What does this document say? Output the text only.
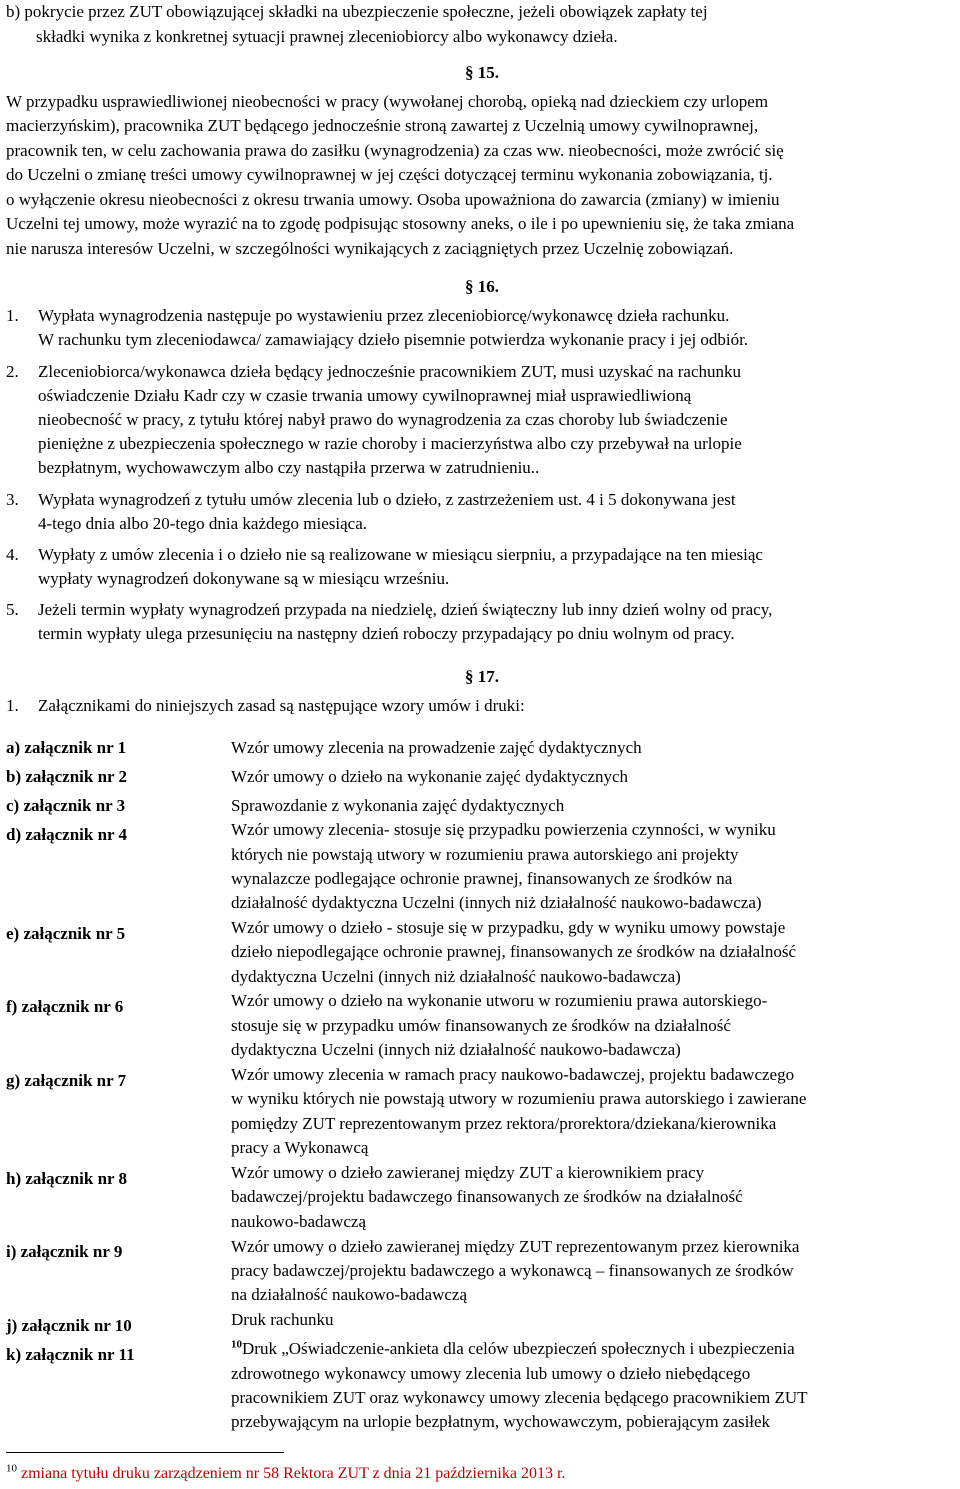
b) pokrycie przez ZUT obowiązującej składki na ubezpieczenie społeczne, jeżeli obowiązek zapłaty tej
składki wynika z konkretnej sytuacji prawnej zleceniobiorcy albo wykonawcy dzieła.
§ 15.
W przypadku usprawiedliwionej nieobecności w pracy (wywołanej chorobą, opieką nad dzieckiem czy urlopem
macierzyńskim), pracownika ZUT będącego jednocześnie stroną zawartej z Uczelnią umowy cywilnoprawnej,
pracownik ten, w celu zachowania prawa do zasiłku (wynagrodzenia) za czas ww. nieobecności, może zwrócić się
do Uczelni o zmianę treści umowy cywilnoprawnej w jej części dotyczącej terminu wykonania zobowiązania, tj.
o wyłączenie okresu nieobecności z okresu trwania umowy. Osoba upoważniona do zawarcia (zmiany) w imieniu
Uczelni tej umowy, może wyrazić na to zgodę podpisując stosowny aneks, o ile i po upewnieniu się, że taka zmiana
nie narusza interesów Uczelni, w szczególności wynikających z zaciągniętych przez Uczelnię zobowiązań.
§ 16.
1. Wypłata wynagrodzenia następuje po wystawieniu przez zleceniobiorcę/wykonawcę dzieła rachunku.
W rachunku tym zleceniodawca/ zamawiający dzieło pisemnie potwierdza wykonanie pracy i jej odbiór.
2. Zleceniobiorca/wykonawca dzieła będący jednocześnie pracownikiem ZUT, musi uzyskać na rachunku
oświadczenie Działu Kadr czy w czasie trwania umowy cywilnoprawnej miał usprawiedliwioną
nieobecność w pracy, z tytułu której nabył prawo do wynagrodzenia za czas choroby lub świadczenie
pieniężne z ubezpieczenia społecznego w razie choroby i macierzyństwa albo czy przebywał na urlopie
bezpłatnym, wychowawczym albo czy nastąpiła przerwa w zatrudnieniu..
3. Wypłata wynagrodzeń z tytułu umów zlecenia lub o dzieło, z zastrzeżeniem ust. 4 i 5 dokonywana jest
4-tego dnia albo 20-tego dnia każdego miesiąca.
4. Wypłaty z umów zlecenia i o dzieło nie są realizowane w miesiącu sierpniu, a przypadające na ten miesiąc
wypłaty wynagrodzeń dokonywane są w miesiącu wrześniu.
5. Jeżeli termin wypłaty wynagrodzeń przypada na niedzielę, dzień świąteczny lub inny dzień wolny od pracy,
termin wypłaty ulega przesunięciu na następny dzień roboczy przypadający po dniu wolnym od pracy.
§ 17.
1. Załącznikami do niniejszych zasad są następujące wzory umów i druki:
a) załącznik nr 1	Wzór umowy zlecenia na prowadzenie zajęć dydaktycznych
b) załącznik nr 2	Wzór umowy o dzieło na wykonanie zajęć dydaktycznych
c) załącznik nr 3	Sprawozdanie z wykonania zajęć dydaktycznych
d) załącznik nr 4	Wzór umowy zlecenia- stosuje się przypadku powierzenia czynności, w wyniku
których nie powstają utwory w rozumieniu prawa autorskiego ani projekty
wynalazcze podlegające ochronie prawnej, finansowanych ze środków na
działalność dydaktyczna Uczelni (innych niż działalność naukowo-badawcza)
e) załącznik nr 5	Wzór umowy o dzieło - stosuje się w przypadku, gdy w wyniku umowy powstaje
dzieło niepodlegające ochronie prawnej, finansowanych ze środków na działalność
dydaktyczna Uczelni (innych niż działalność naukowo-badawcza)
f) załącznik nr 6	Wzór umowy o dzieło na wykonanie utworu w rozumieniu prawa autorskiego-
stosuje się w przypadku umów finansowanych ze środków na działalność
dydaktyczna Uczelni (innych niż działalność naukowo-badawcza)
g) załącznik nr 7	Wzór umowy zlecenia w ramach pracy naukowo-badawczej, projektu badawczego
w wyniku których nie powstają utwory w rozumieniu prawa autorskiego i zawierane
pomiędzy ZUT reprezentowanym przez rektora/prorektora/dziekana/kierownika
pracy a Wykonawcą
h) załącznik nr 8	Wzór umowy o dzieło zawieranej między ZUT a kierownikiem pracy
badawczej/projektu badawczego finansowanych ze środków na działalność
naukowo-badawczą
i) załącznik nr 9	Wzór umowy o dzieło zawieranej między ZUT reprezentowanym przez kierownika
pracy badawczej/projektu badawczego a wykonawcą – finansowanych ze środków
na działalność naukowo-badawczą
j) załącznik nr 10	Druk rachunku
k) załącznik nr 11
$^{10}$Druk „Oświadczenie-ankieta dla celów ubezpieczeń społecznych i ubezpieczenia
zdrowotnego wykonawcy umowy zlecenia lub umowy o dzieło niebędącego
pracownikiem ZUT oraz wykonawcy umowy zlecenia będącego pracownikiem ZUT
przebywającym na urlopie bezpłatnym, wychowawczym, pobierającym zasiłek
$^{10}$ zmiana tytułu druku zarządzeniem nr 58 Rektora ZUT z dnia 21 października 2013 r.
